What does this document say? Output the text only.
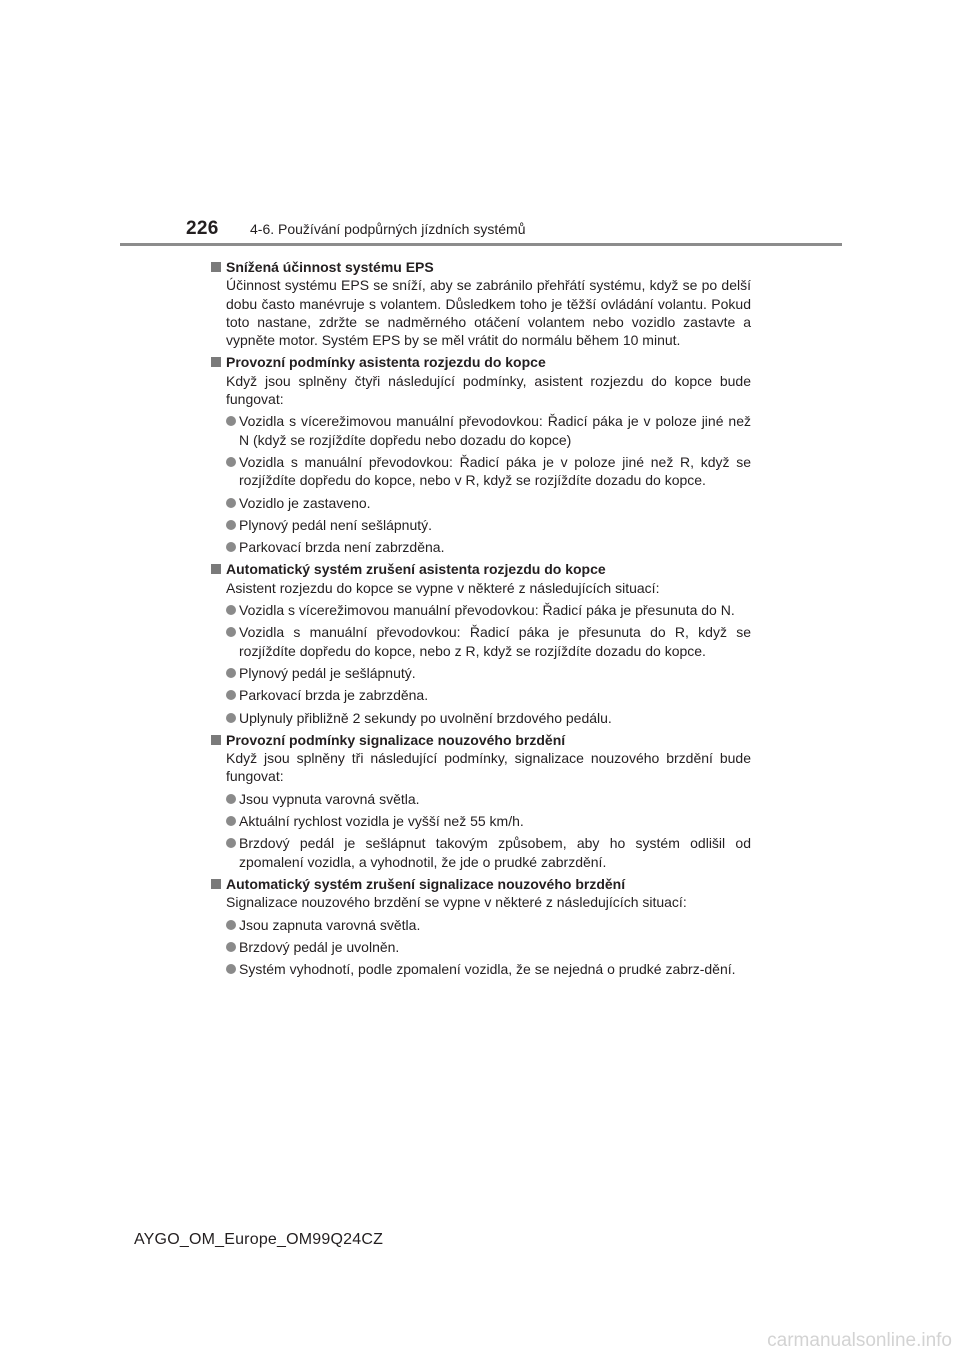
226 4-6. Používání podpůrných jízdních systémů
Snížená účinnost systému EPS
Účinnost systému EPS se sníží, aby se zabránilo přehřátí systému, když se po delší dobu často manévruje s volantem. Důsledkem toho je těžší ovládání volantu. Pokud toto nastane, zdržte se nadměrného otáčení volantem nebo vozidlo zastavte a vypněte motor. Systém EPS by se měl vrátit do normálu během 10 minut.
Provozní podmínky asistenta rozjezdu do kopce
Když jsou splněny čtyři následující podmínky, asistent rozjezdu do kopce bude fungovat:
Vozidla s vícerežimovou manuální převodovkou: Řadicí páka je v poloze jiné než N (když se rozjíždíte dopředu nebo dozadu do kopce)
Vozidla s manuální převodovkou: Řadicí páka je v poloze jiné než R, když se rozjíždíte dopředu do kopce, nebo v R, když se rozjíždíte dozadu do kopce.
Vozidlo je zastaveno.
Plynový pedál není sešlápnutý.
Parkovací brzda není zabrzděna.
Automatický systém zrušení asistenta rozjezdu do kopce
Asistent rozjezdu do kopce se vypne v některé z následujících situací:
Vozidla s vícerežimovou manuální převodovkou: Řadicí páka je přesunuta do N.
Vozidla s manuální převodovkou: Řadicí páka je přesunuta do R, když se rozjíždíte dopředu do kopce, nebo z R, když se rozjíždíte dozadu do kopce.
Plynový pedál je sešlápnutý.
Parkovací brzda je zabrzděna.
Uplynuly přibližně 2 sekundy po uvolnění brzdového pedálu.
Provozní podmínky signalizace nouzového brzdění
Když jsou splněny tři následující podmínky, signalizace nouzového brzdění bude fungovat:
Jsou vypnuta varovná světla.
Aktuální rychlost vozidla je vyšší než 55 km/h.
Brzdový pedál je sešlápnut takovým způsobem, aby ho systém odlišil od zpomalení vozidla, a vyhodnotil, že jde o prudké zabrzdění.
Automatický systém zrušení signalizace nouzového brzdění
Signalizace nouzového brzdění se vypne v některé z následujících situací:
Jsou zapnuta varovná světla.
Brzdový pedál je uvolněn.
Systém vyhodnotí, podle zpomalení vozidla, že se nejedná o prudké zabrz-dění.
AYGO_OM_Europe_OM99Q24CZ
carmanualsonline.info
